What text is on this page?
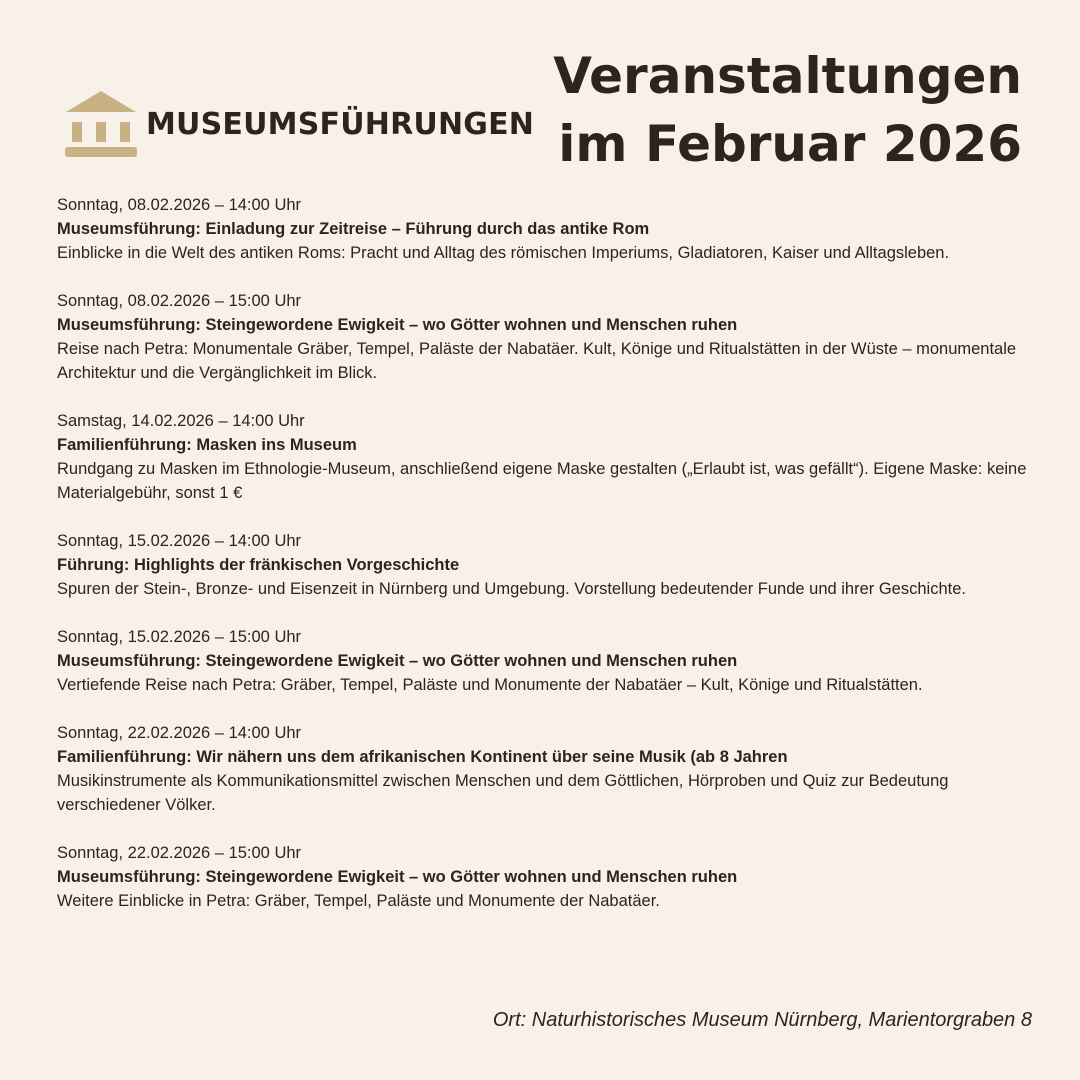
MUSEUMSFÜHRUNGEN
Veranstaltungen
im Februar 2026
Sonntag, 08.02.2026 – 14:00 Uhr
Museumsführung: Einladung zur Zeitreise – Führung durch das antike Rom
Einblicke in die Welt des antiken Roms: Pracht und Alltag des römischen Imperiums, Gladiatoren, Kaiser und Alltagsleben.
Sonntag, 08.02.2026 – 15:00 Uhr
Museumsführung: Steingewordene Ewigkeit – wo Götter wohnen und Menschen ruhen
Reise nach Petra: Monumentale Gräber, Tempel, Paläste der Nabatäer. Kult, Könige und Ritualstätten in der Wüste – monumentale Architektur und die Vergänglichkeit im Blick.
Samstag, 14.02.2026 – 14:00 Uhr
Familienführung: Masken ins Museum
Rundgang zu Masken im Ethnologie-Museum, anschließend eigene Maske gestalten („Erlaubt ist, was gefällt“). Eigene Maske: keine Materialgebühr, sonst 1 €
Sonntag, 15.02.2026 – 14:00 Uhr
Führung: Highlights der fränkischen Vorgeschichte
Spuren der Stein-, Bronze- und Eisenzeit in Nürnberg und Umgebung. Vorstellung bedeutender Funde und ihrer Geschichte.
Sonntag, 15.02.2026 – 15:00 Uhr
Museumsführung: Steingewordene Ewigkeit – wo Götter wohnen und Menschen ruhen
Vertiefende Reise nach Petra: Gräber, Tempel, Paläste und Monumente der Nabatäer – Kult, Könige und Ritualstätten.
Sonntag, 22.02.2026 – 14:00 Uhr
Familienführung: Wir nähern uns dem afrikanischen Kontinent über seine Musik (ab 8 Jahren
Musikinstrumente als Kommunikationsmittel zwischen Menschen und dem Göttlichen, Hörproben und Quiz zur Bedeutung verschiedener Völker.
Sonntag, 22.02.2026 – 15:00 Uhr
Museumsführung: Steingewordene Ewigkeit – wo Götter wohnen und Menschen ruhen
Weitere Einblicke in Petra: Gräber, Tempel, Paläste und Monumente der Nabatäer.
Ort: Naturhistorisches Museum Nürnberg, Marientorgraben 8
